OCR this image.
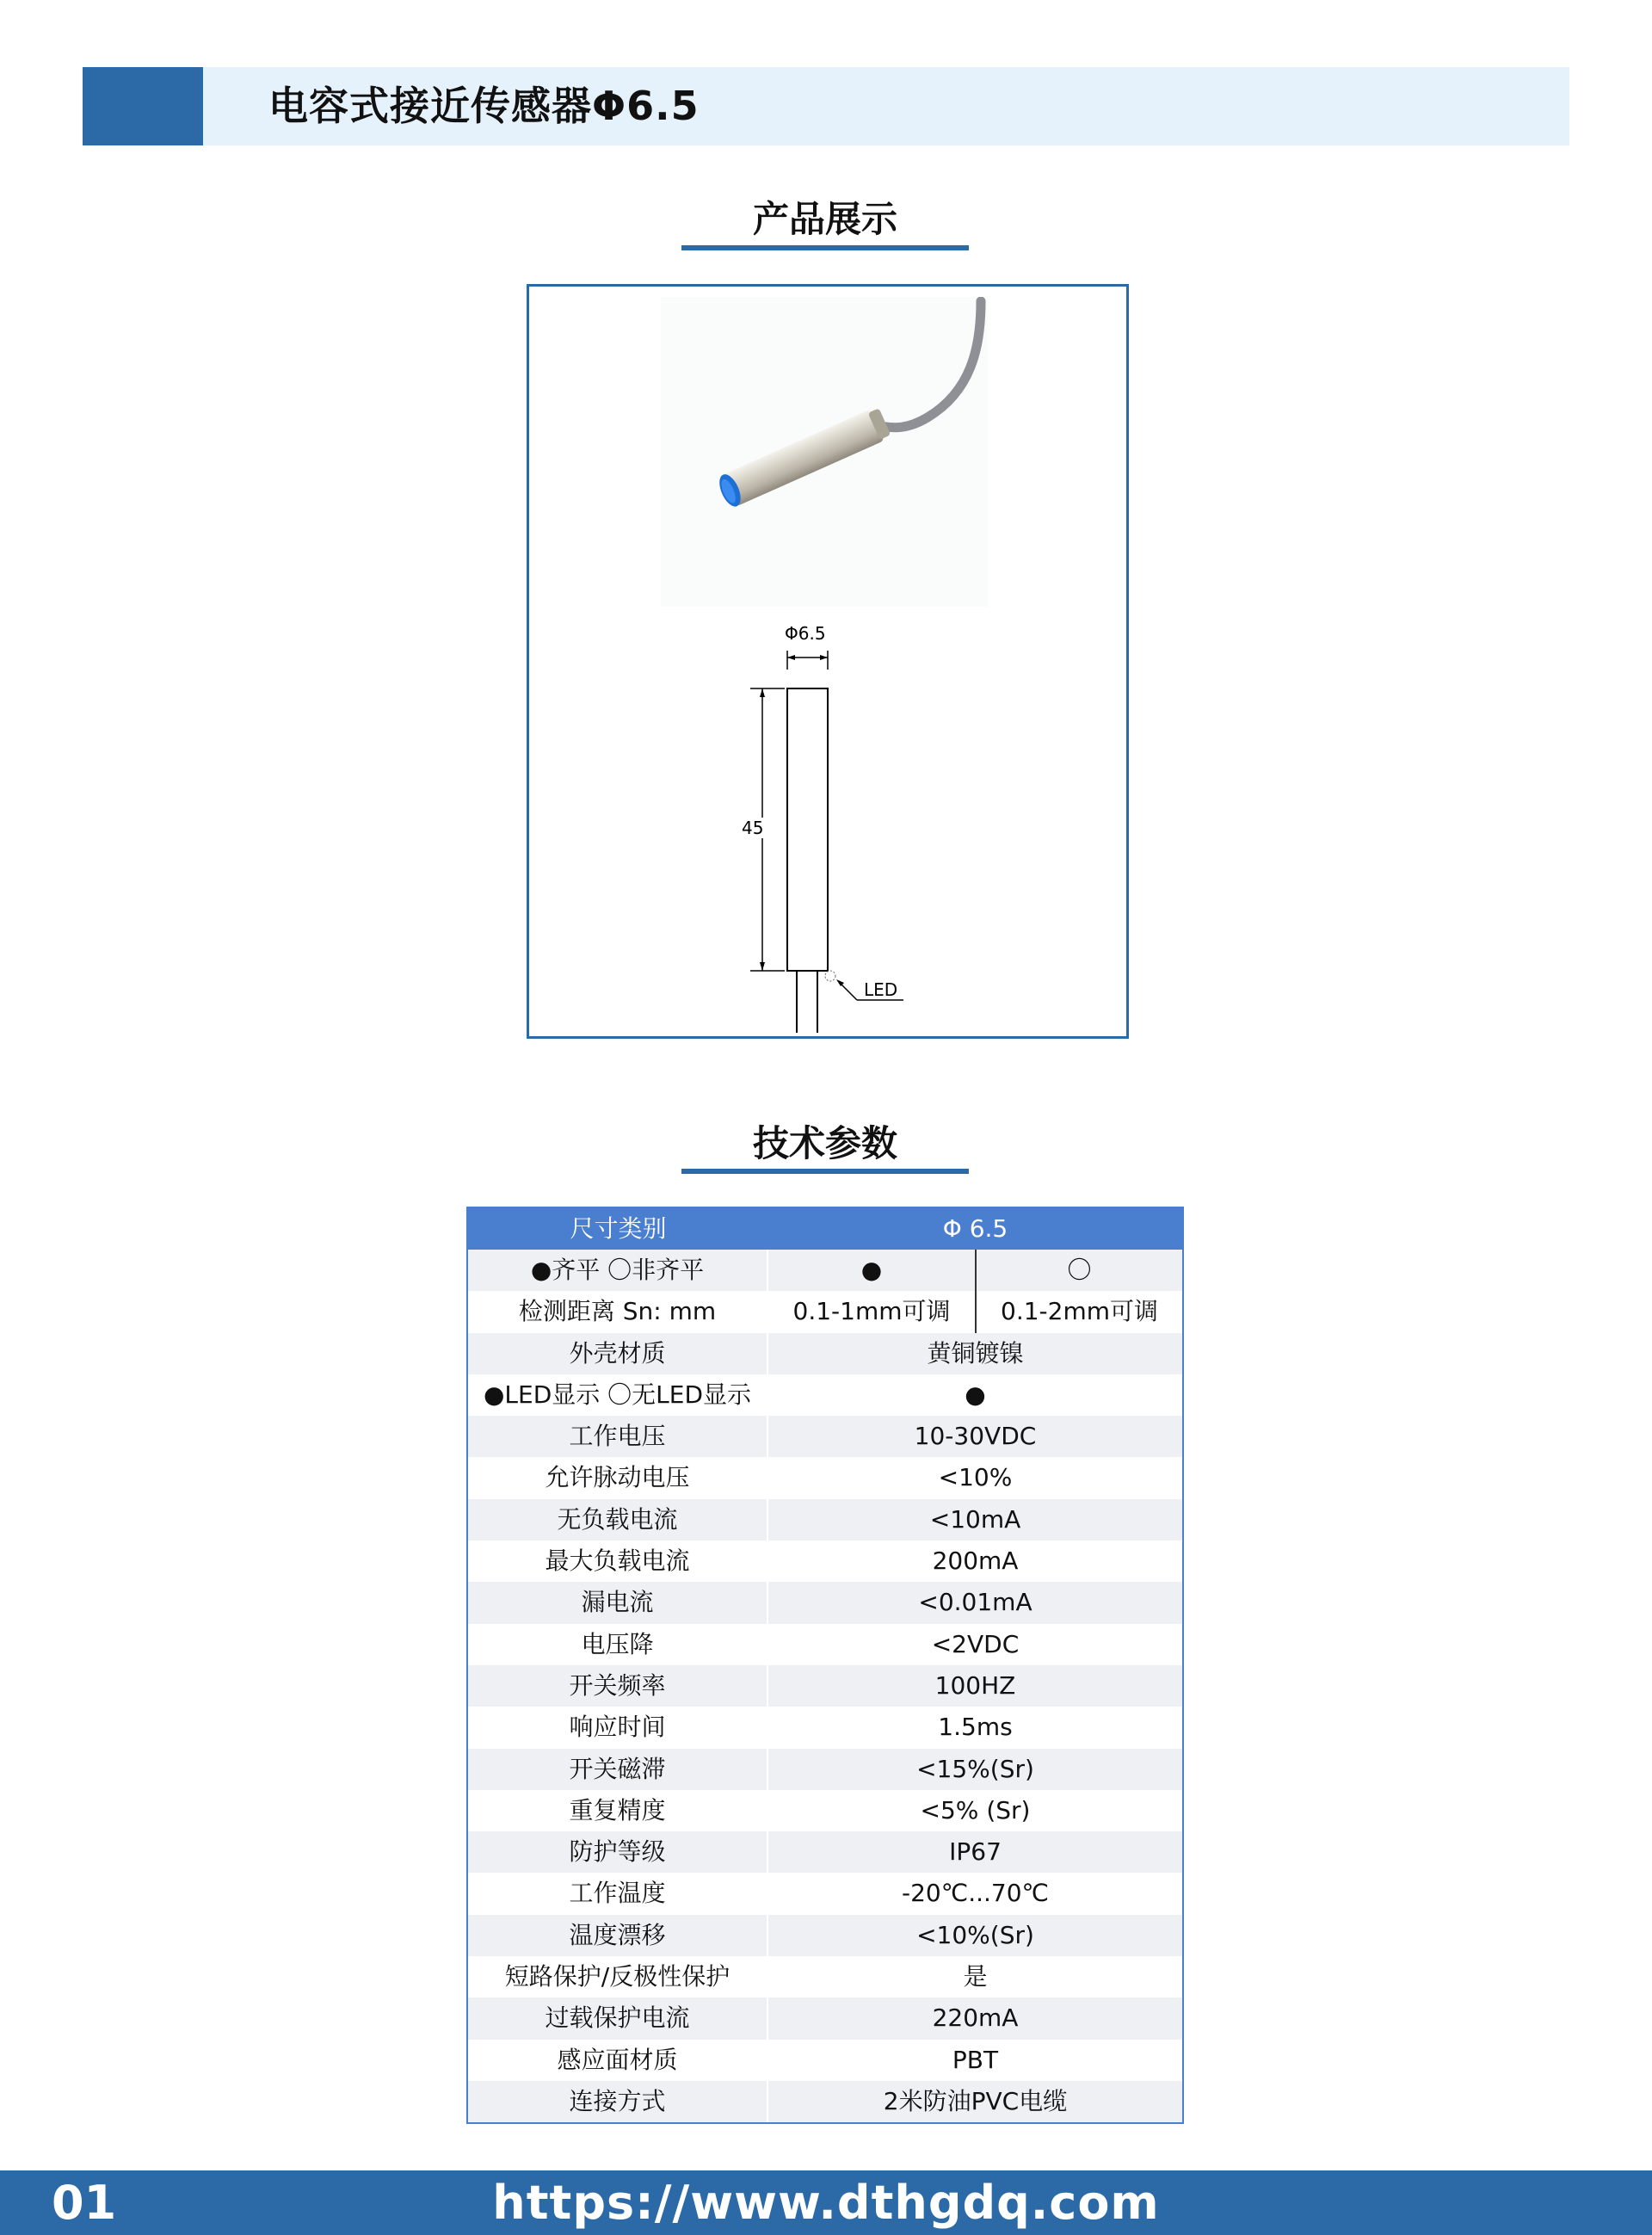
电容式接近传感器Φ6.5
产品展示
Φ6.5
45
LED
技术参数
尺寸类别	Φ 6.5
●齐平 〇非齐平	●	〇
检测距离 Sn: mm	0.1-1mm可调	0.1-2mm可调
外壳材质	黄铜镀镍
●LED显示 〇无LED显示	●
工作电压	10-30VDC
允许脉动电压	<10%
无负载电流	<10mA
最大负载电流	200mA
漏电流	<0.01mA
电压降	<2VDC
开关频率	100HZ
响应时间	1.5ms
开关磁滞	<15%(Sr)
重复精度	<5% (Sr)
防护等级	IP67
工作温度	-20℃...70℃
温度漂移	<10%(Sr)
短路保护/反极性保护	是
过载保护电流	220mA
感应面材质	PBT
连接方式	2米防油PVC电缆
01	https://www.dthgdq.com
